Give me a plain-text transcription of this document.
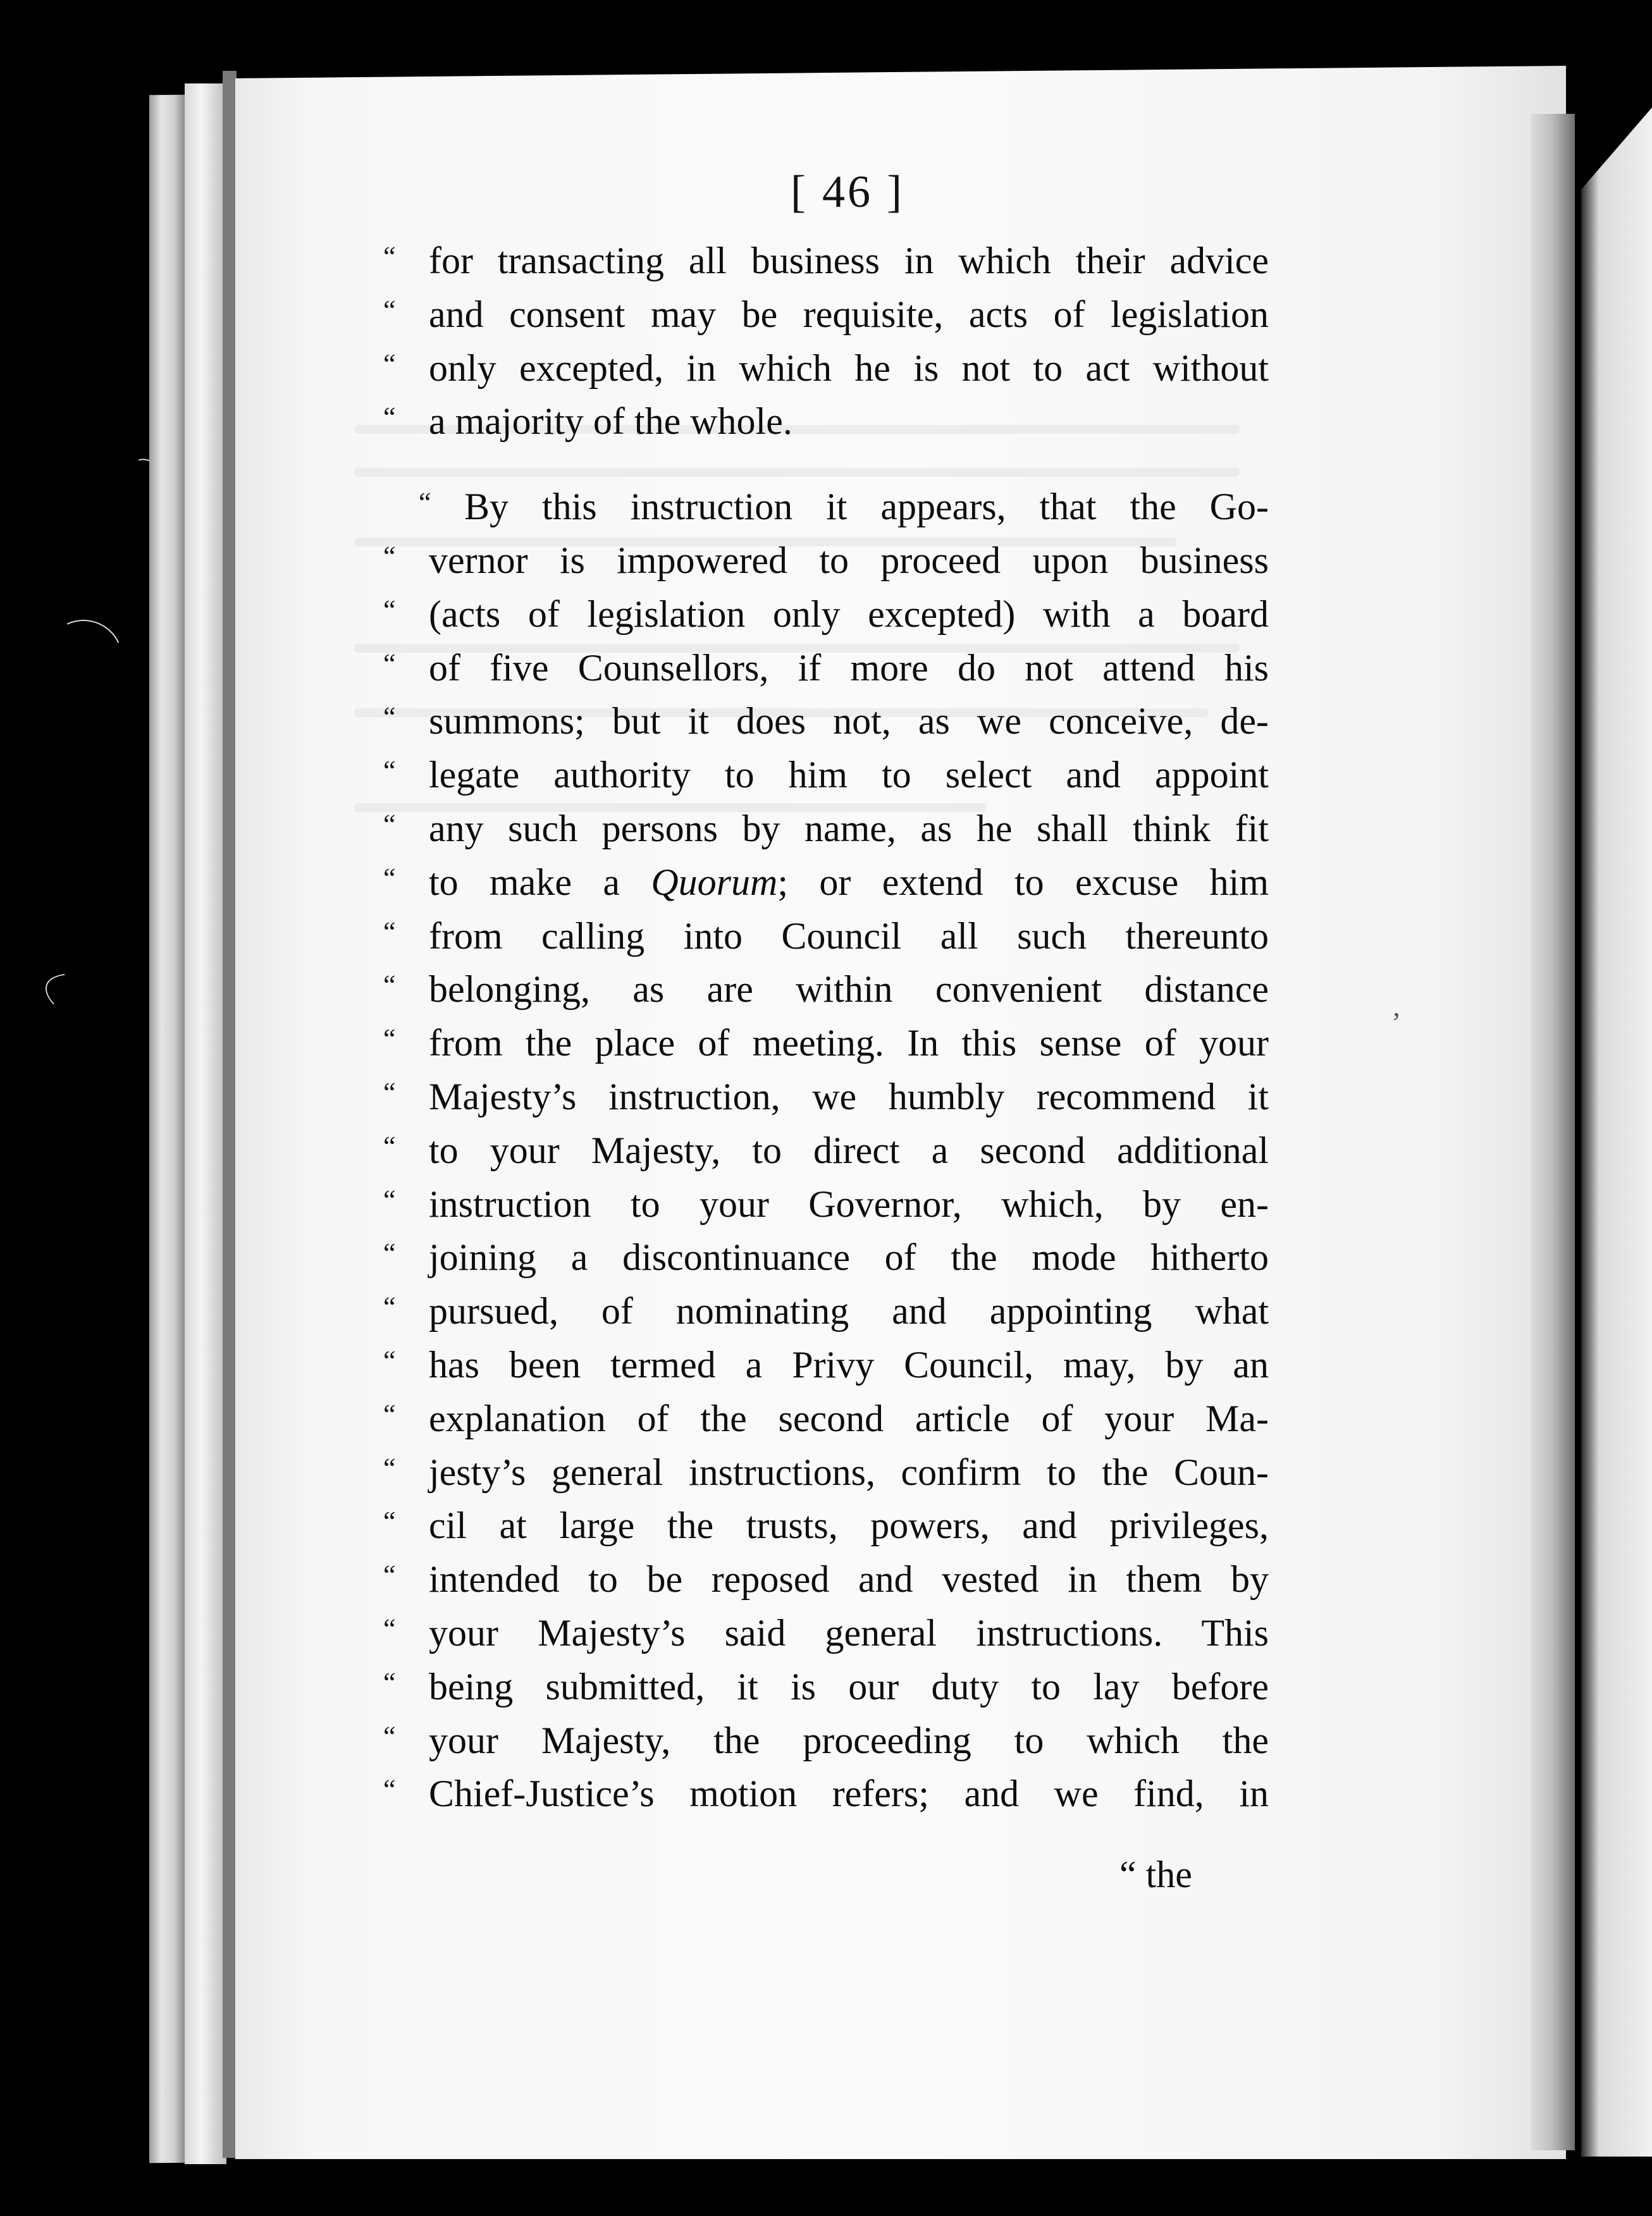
[ 46 ]
“ for transacting all business in which their advice
“ and consent may be requisite, acts of legislation
“ only excepted, in which he is not to act without
“ a majority of the whole.
“ By this instruction it appears, that the Go-
“ vernor is impowered to proceed upon business
“ (acts of legislation only excepted) with a board
“ of five Counsellors, if more do not attend his
“ summons; but it does not, as we conceive, de-
“ legate authority to him to select and appoint
“ any such persons by name, as he shall think fit
“ to make a Quorum; or extend to excuse him
“ from calling into Council all such thereunto
“ belonging, as are within convenient distance
“ from the place of meeting. In this sense of your
“ Majesty’s instruction, we humbly recommend it
“ to your Majesty, to direct a second additional
“ instruction to your Governor, which, by en-
“ joining a discontinuance of the mode hitherto
“ pursued, of nominating and appointing what
“ has been termed a Privy Council, may, by an
“ explanation of the second article of your Ma-
“ jesty’s general instructions, confirm to the Coun-
“ cil at large the trusts, powers, and privileges,
“ intended to be reposed and vested in them by
“ your Majesty’s said general instructions. This
“ being submitted, it is our duty to lay before
“ your Majesty, the proceeding to which the
“ Chief-Justice’s motion refers; and we find, in
“ the
’
